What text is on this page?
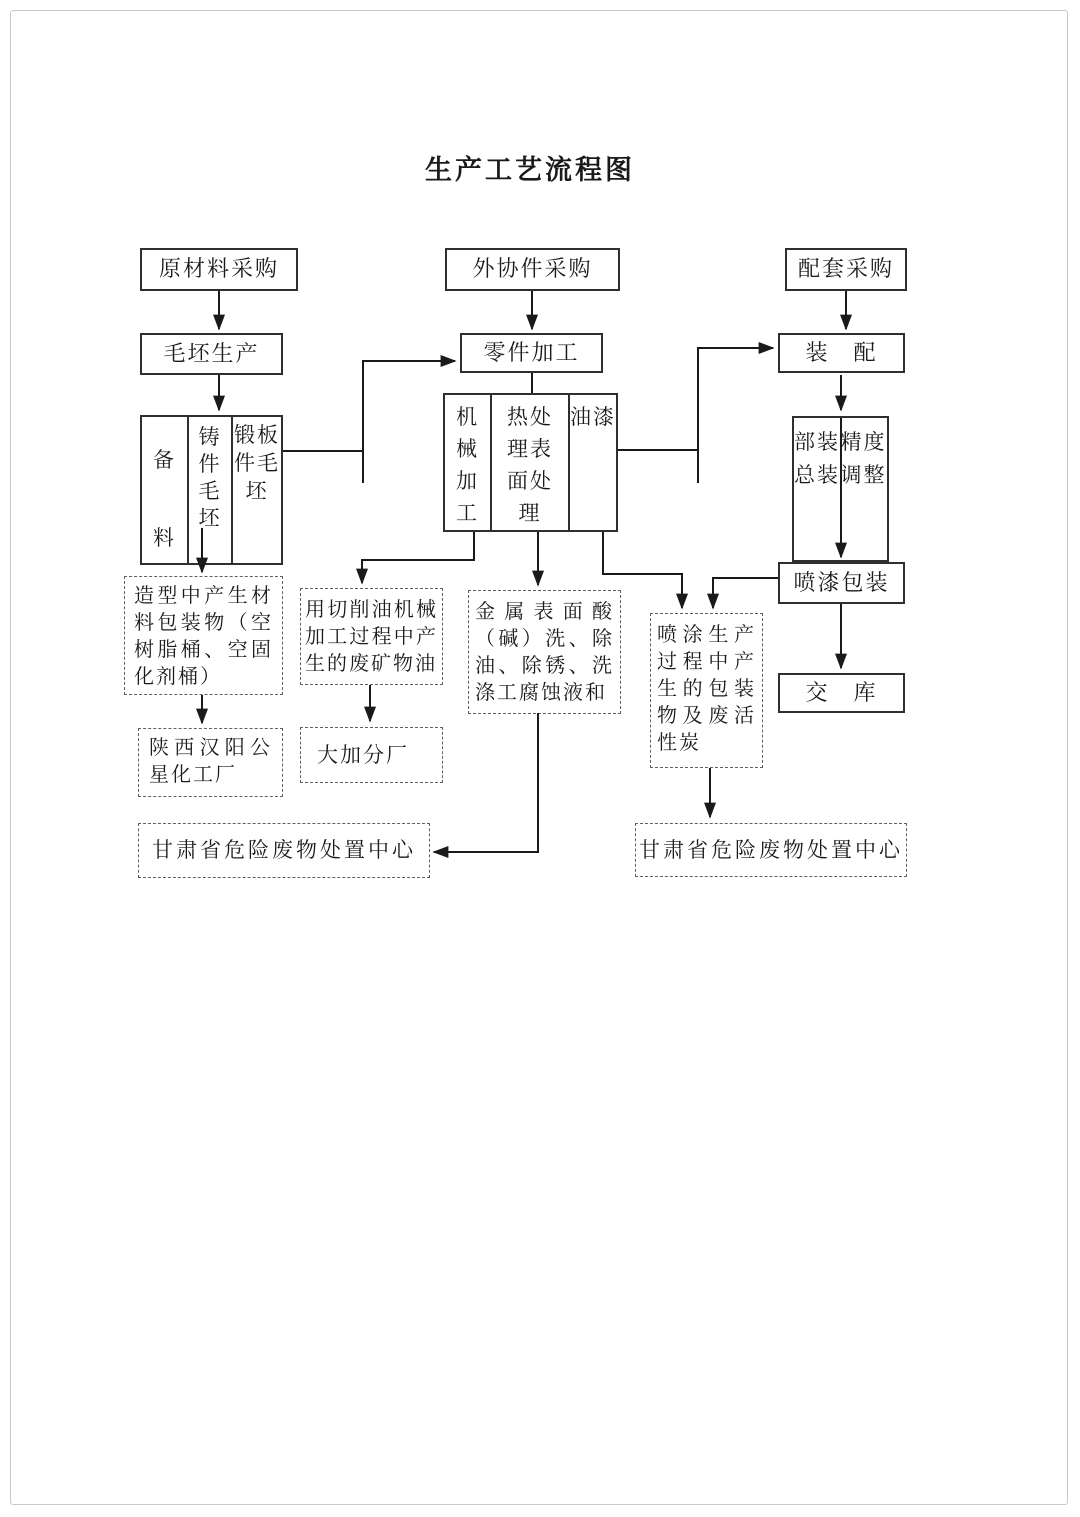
生产工艺流程图
原材料采购	外协件采购	配套采购
毛坯生产	零件加工	装　配
备料
铸件毛坯
锻板件毛坯
机械加工
热处理表面处理
油漆
部装总装
精度调整
喷漆包装
交　库
造型中产生材料包装物（空树脂桶、空固化剂桶）
用切削油机械加工过程中产生的废矿物油
金属表面酸（碱）洗、除油、除锈、洗涤工腐蚀液和
喷涂生产过程中产生的包装物及废活性炭
陕西汉阳公星化工厂
大加分厂
甘肃省危险废物处置中心	甘肃省危险废物处置中心
